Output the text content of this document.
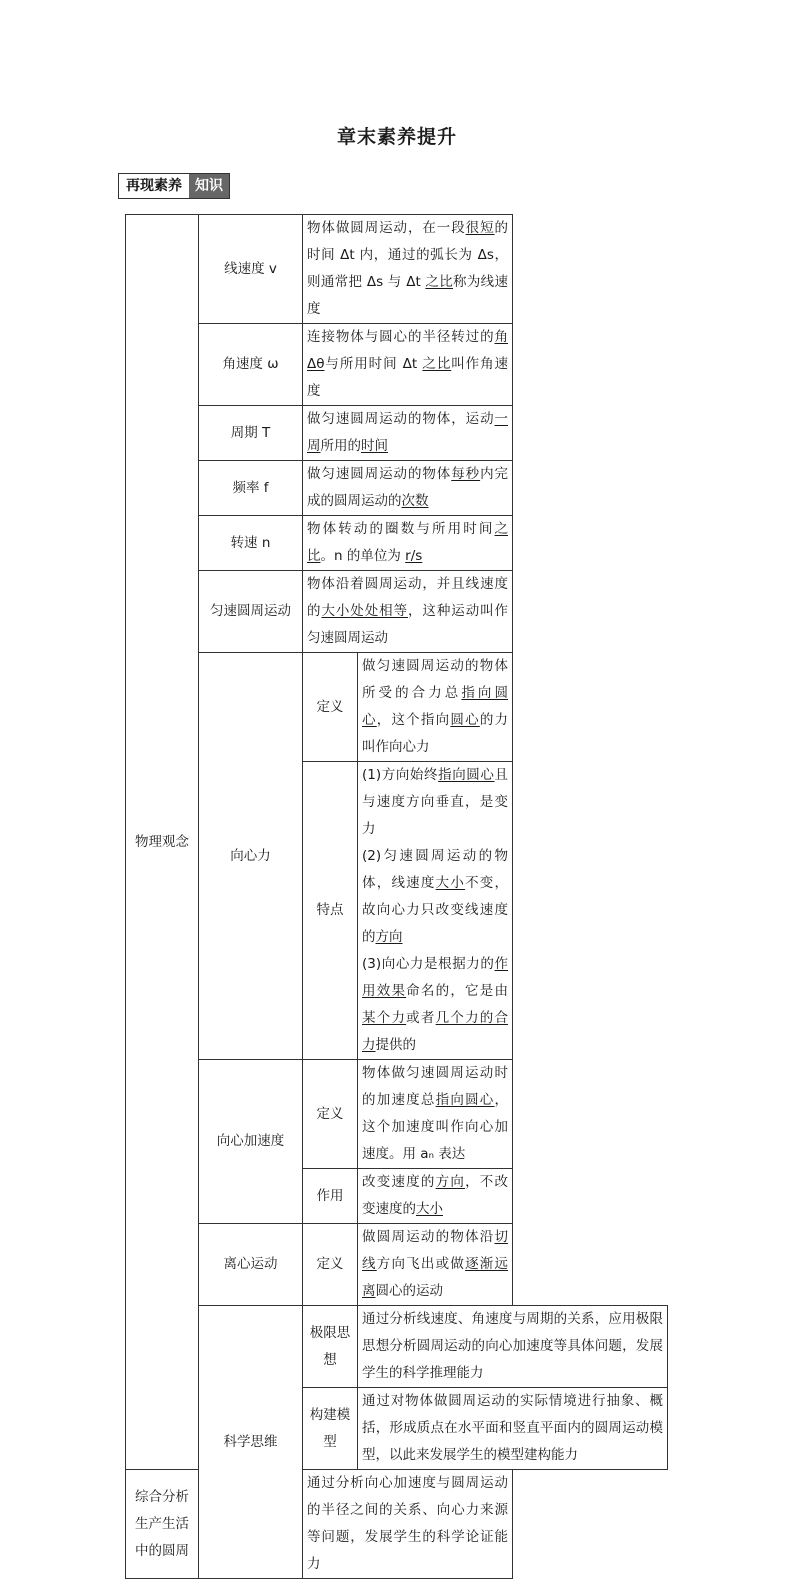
章末素养提升
再现素养 知识
物理观念	线速度 v	物体做圆周运动，在一段很短的时间 Δt 内，通过的弧长为 Δs，则通常把 Δs 与 Δt 之比称为线速度	
	角速度 ω	连接物体与圆心的半径转过的角 Δθ与所用时间 Δt 之比叫作角速度	
	周期 T	做匀速圆周运动的物体，运动一周所用的时间	
	频率 f	做匀速圆周运动的物体每秒内完成的圆周运动的次数	
	转速 n	物体转动的圈数与所用时间之比。n 的单位为 r/s	
	匀速圆周运动	物体沿着圆周运动，并且线速度的大小处处相等，这种运动叫作匀速圆周运动	
	向心力	定义	做匀速圆周运动的物体所受的合力总指向圆心，这个指向圆心的力叫作向心力
		特点	(1)方向始终指向圆心且与速度方向垂直，是变力
(2)匀速圆周运动的物体，线速度大小不变，故向心力只改变线速度的方向
(3)向心力是根据力的作用效果命名的，它是由某个力或者几个力的合力提供的

	向心加速度	定义	物体做匀速圆周运动时的加速度总指向圆心，这个加速度叫作向心加速度。用 aₙ 表达
		作用	改变速度的方向，不改变速度的大小
	离心运动	定义	做圆周运动的物体沿切线方向飞出或做逐渐远离圆心的运动
	科学思维	极限思想	通过分析线速度、角速度与周期的关系，应用极限思想分析圆周运动的向心加速度等具体问题，发展学生的科学推理能力
		构建模型	通过对物体做圆周运动的实际情境进行抽象、概括，形成质点在水平面和竖直平面内的圆周运动模型，以此来发展学生的模型建构能力
综合分析生产生活中的圆周		通过分析向心加速度与圆周运动的半径之间的关系、向心力来源等问题，发展学生的科学论证能力	
